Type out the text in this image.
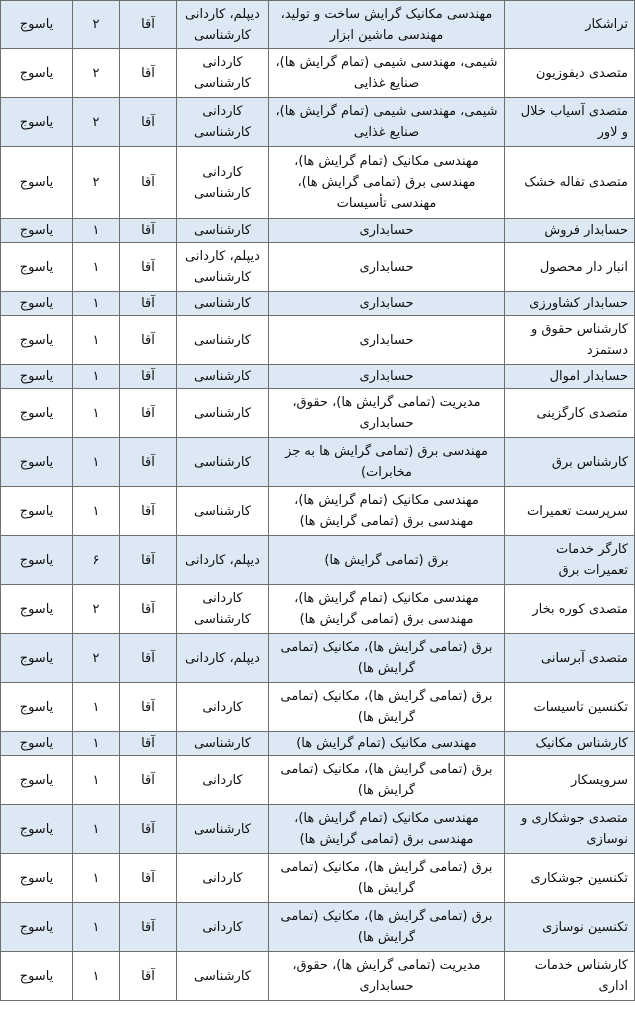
تراشکار	مهندسی مکانیک گرایش ساخت و تولید، مهندسی ماشین ابزار	دیپلم، کاردانی کارشناسی	آقا	۲	یاسوج
متصدی دیفوزیون	شیمی، مهندسی شیمی (تمام گرایش ها)، صنایع غذایی	کاردانی کارشناسی	آقا	۲	یاسوج
متصدی آسیاب خلال و لاور	شیمی، مهندسی شیمی (تمام گرایش ها)، صنایع غذایی	کاردانی کارشناسی	آقا	۲	یاسوج
متصدی تفاله خشک	مهندسی مکانیک (تمام گرایش ها)، مهندسی برق (تمامی گرایش ها)، مهندسی تأسیسات	کاردانی کارشناسی	آقا	۲	یاسوج
حسابدار فروش	حسابداری	کارشناسی	آقا	۱	یاسوج
انبار دار محصول	حسابداری	دیپلم، کاردانی کارشناسی	آقا	۱	یاسوج
حسابدار کشاورزی	حسابداری	کارشناسی	آقا	۱	یاسوج
کارشناس حقوق و دستمزد	حسابداری	کارشناسی	آقا	۱	یاسوج
حسابدار اموال	حسابداری	کارشناسی	آقا	۱	یاسوج
متصدی کارگزینی	مدیریت (تمامی گرایش ها)، حقوق، حسابداری	کارشناسی	آقا	۱	یاسوج
کارشناس برق	مهندسی برق (تمامی گرایش ها به جز مخابرات)	کارشناسی	آقا	۱	یاسوج
سرپرست تعمیرات	مهندسی مکانیک (تمام گرایش ها)، مهندسی برق (تمامی گرایش ها)	کارشناسی	آقا	۱	یاسوج
کارگر خدمات تعمیرات برق	برق (تمامی گرایش ها)	دیپلم، کاردانی	آقا	۶	یاسوج
متصدی کوره بخار	مهندسی مکانیک (تمام گرایش ها)، مهندسی برق (تمامی گرایش ها)	کاردانی کارشناسی	آقا	۲	یاسوج
متصدی آبرسانی	برق (تمامی گرایش ها)، مکانیک (تمامی گرایش ها)	دیپلم، کاردانی	آقا	۲	یاسوج
تکنسین تاسیسات	برق (تمامی گرایش ها)، مکانیک (تمامی گرایش ها)	کاردانی	آقا	۱	یاسوج
کارشناس مکانیک	مهندسی مکانیک (تمام گرایش ها)	کارشناسی	آقا	۱	یاسوج
سرویسکار	برق (تمامی گرایش ها)، مکانیک (تمامی گرایش ها)	کاردانی	آقا	۱	یاسوج
متصدی جوشکاری و نوسازی	مهندسی مکانیک (تمام گرایش ها)، مهندسی برق (تمامی گرایش ها)	کارشناسی	آقا	۱	یاسوج
تکنسین جوشکاری	برق (تمامی گرایش ها)، مکانیک (تمامی گرایش ها)	کاردانی	آقا	۱	یاسوج
تکنسین نوسازی	برق (تمامی گرایش ها)، مکانیک (تمامی گرایش ها)	کاردانی	آقا	۱	یاسوج
کارشناس خدمات اداری	مدیریت (تمامی گرایش ها)، حقوق، حسابداری	کارشناسی	آقا	۱	یاسوج
